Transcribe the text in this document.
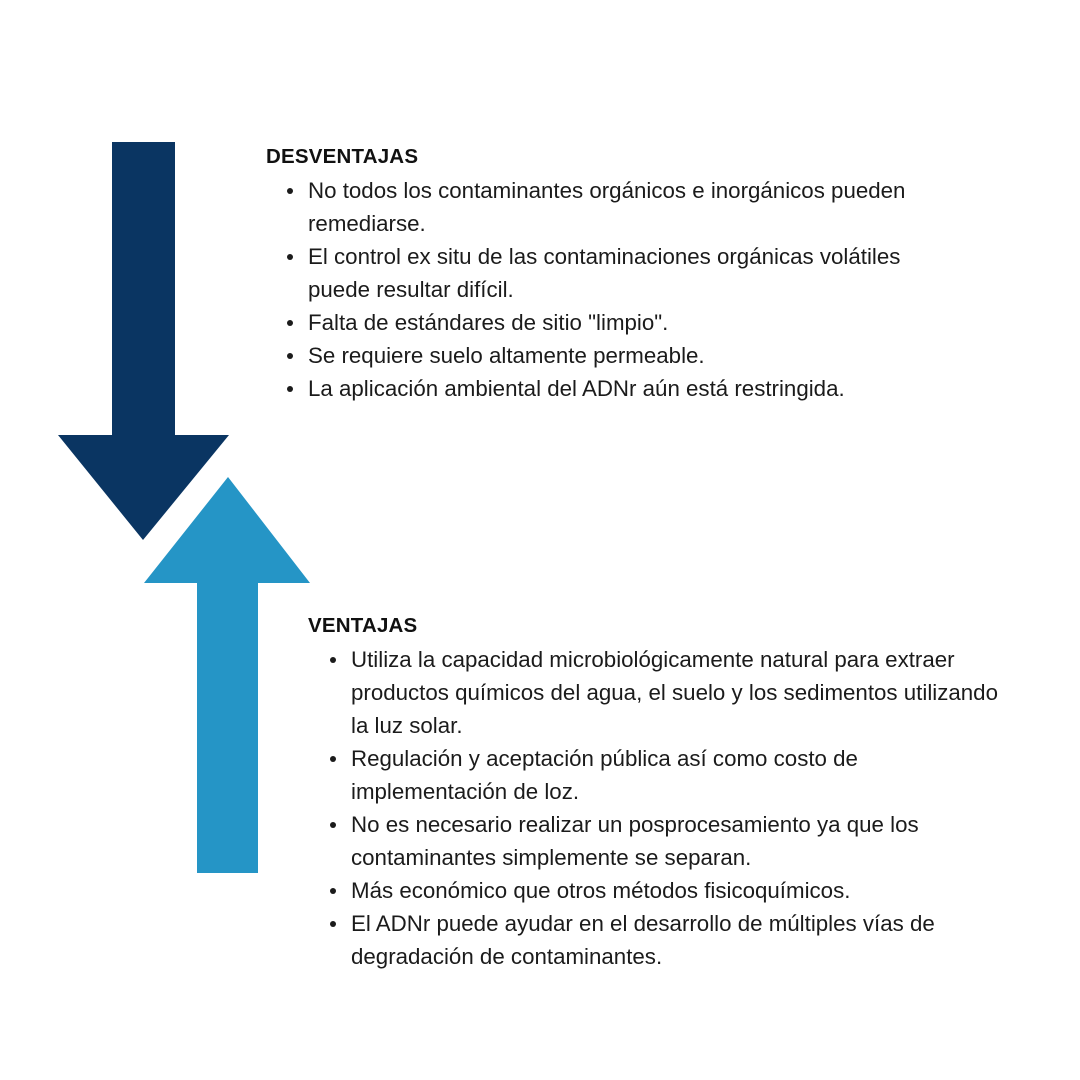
DESVENTAJAS
No todos los contaminantes orgánicos e inorgánicos pueden remediarse.
El control ex situ de las contaminaciones orgánicas volátiles puede resultar difícil.
Falta de estándares de sitio "limpio".
Se requiere suelo altamente permeable.
La aplicación ambiental del ADNr aún está restringida.
VENTAJAS
Utiliza la capacidad microbiológicamente natural para extraer productos químicos del agua, el suelo y los sedimentos utilizando la luz solar.
Regulación y aceptación pública así como costo de implementación de loz.
No es necesario realizar un posprocesamiento ya que los contaminantes simplemente se separan.
Más económico que otros métodos fisicoquímicos.
El ADNr puede ayudar en el desarrollo de múltiples vías de degradación de contaminantes.
